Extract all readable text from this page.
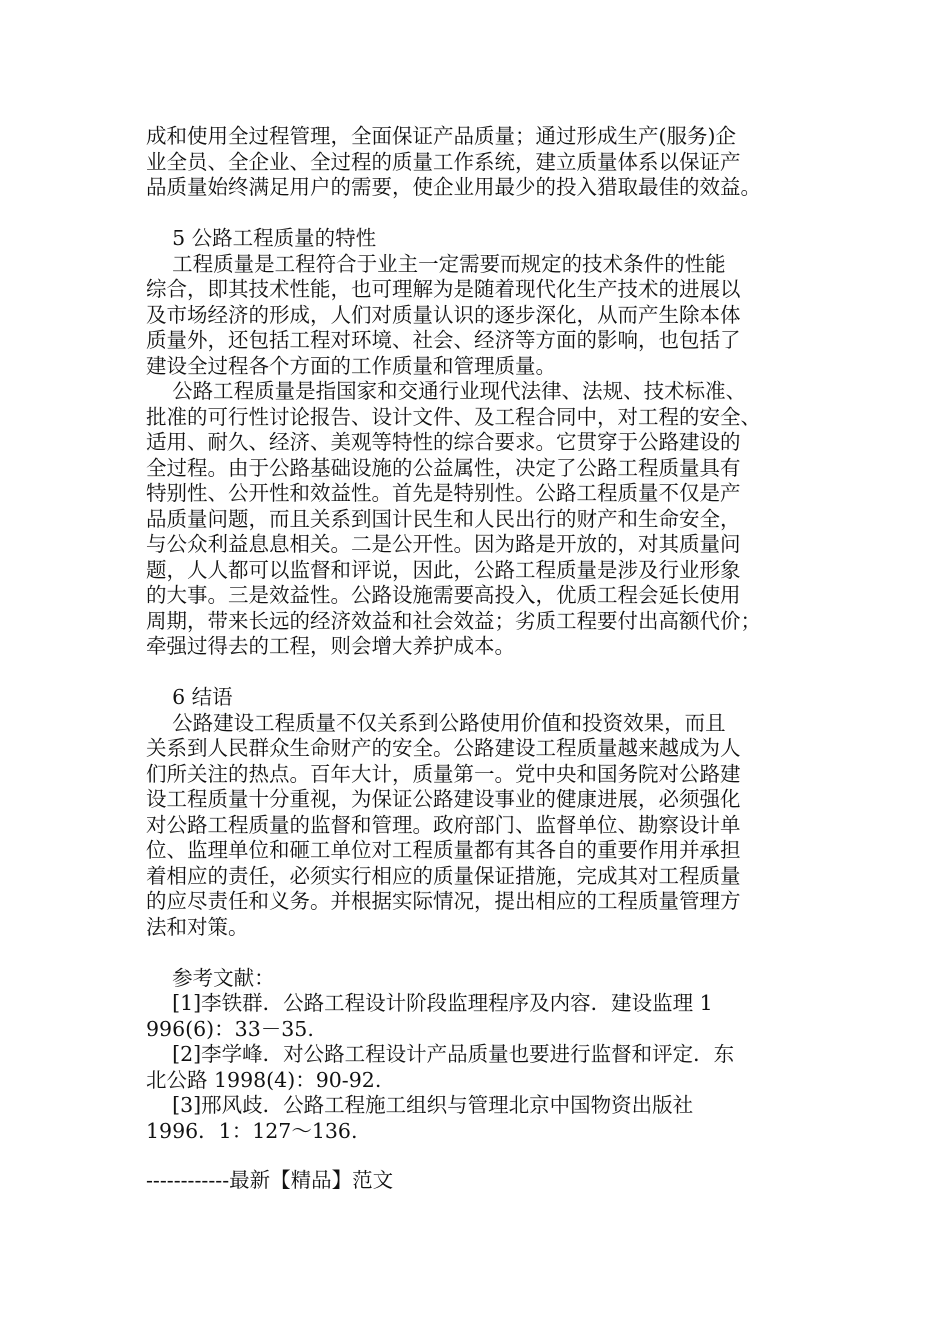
成和使用全过程管理，全面保证产品质量；通过形成生产(服务)企
业全员、全企业、全过程的质量工作系统，建立质量体系以保证产
品质量始终满足用户的需要，使企业用最少的投入猎取最佳的效益。
5 公路工程质量的特性
工程质量是工程符合于业主一定需要而规定的技术条件的性能
综合，即其技术性能，也可理解为是随着现代化生产技术的进展以
及市场经济的形成，人们对质量认识的逐步深化，从而产生除本体
质量外，还包括工程对环境、社会、经济等方面的影响，也包括了
建设全过程各个方面的工作质量和管理质量。
公路工程质量是指国家和交通行业现代法律、法规、技术标准、
批准的可行性讨论报告、设计文件、及工程合同中，对工程的安全、
适用、耐久、经济、美观等特性的综合要求。它贯穿于公路建设的
全过程。由于公路基础设施的公益属性，决定了公路工程质量具有
特别性、公开性和效益性。首先是特别性。公路工程质量不仅是产
品质量问题，而且关系到国计民生和人民出行的财产和生命安全，
与公众利益息息相关。二是公开性。因为路是开放的，对其质量问
题，人人都可以监督和评说，因此，公路工程质量是涉及行业形象
的大事。三是效益性。公路设施需要高投入，优质工程会延长使用
周期，带来长远的经济效益和社会效益；劣质工程要付出高额代价；
牵强过得去的工程，则会增大养护成本。
6 结语
公路建设工程质量不仅关系到公路使用价值和投资效果，而且
关系到人民群众生命财产的安全。公路建设工程质量越来越成为人
们所关注的热点。百年大计，质量第一。党中央和国务院对公路建
设工程质量十分重视，为保证公路建设事业的健康进展，必须强化
对公路工程质量的监督和管理。政府部门、监督单位、勘察设计单
位、监理单位和砸工单位对工程质量都有其各自的重要作用并承担
着相应的责任，必须实行相应的质量保证措施，完成其对工程质量
的应尽责任和义务。并根据实际情况，提出相应的工程质量管理方
法和对策。
参考文献：
[1]李铁群．公路工程设计阶段监理程序及内容．建设监理 1
996(6)：33－35.
[2]李学峰．对公路工程设计产品质量也要进行监督和评定．东
北公路 1998(4)：90-92.
[3]邢风歧．公路工程施工组织与管理北京中国物资出版社
1996．1：127～136.
------------最新【精品】范文
